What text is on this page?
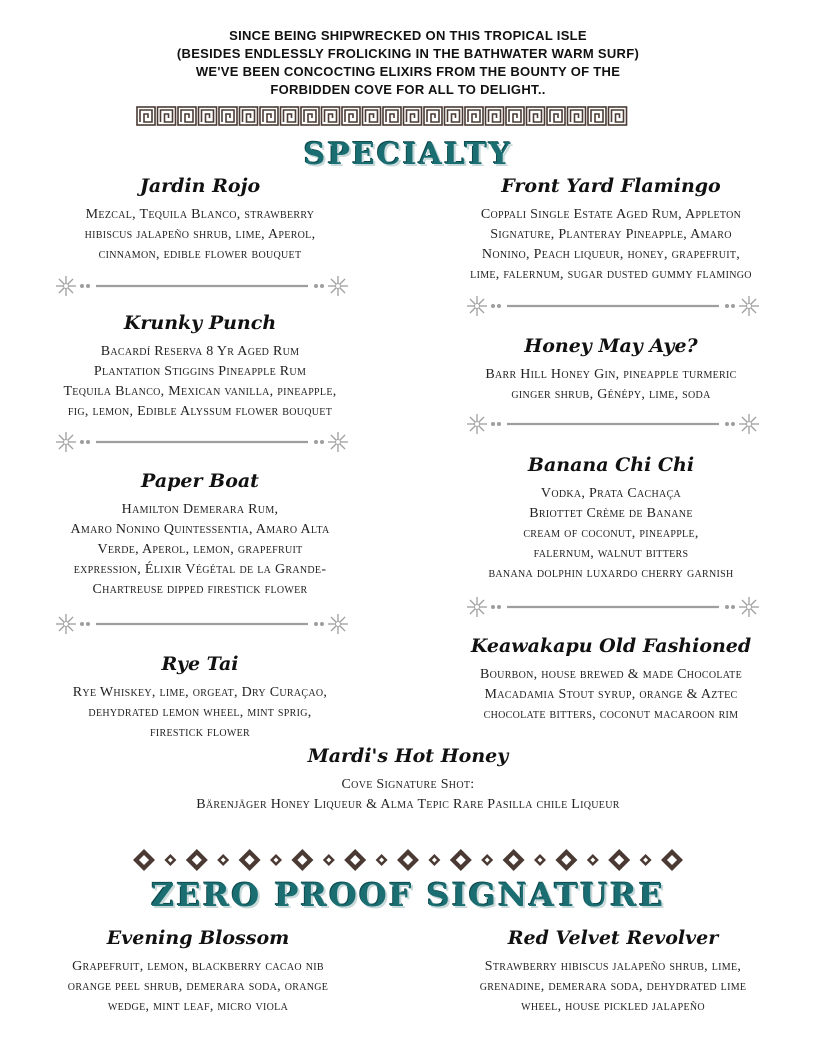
SINCE BEING SHIPWRECKED ON THIS TROPICAL ISLE
(BESIDES ENDLESSLY FROLICKING IN THE BATHWATER WARM SURF)
WE'VE BEEN CONCOCTING ELIXIRS FROM THE BOUNTY OF THE
FORBIDDEN COVE FOR ALL TO DELIGHT..
SPECIALTY
Jardin Rojo
Mezcal, Tequila Blanco, strawberry
hibiscus jalapeño shrub, lime, Aperol,
cinnamon, edible flower bouquet
Krunky Punch
Bacardí Reserva 8 Yr Aged Rum
Plantation Stiggins Pineapple Rum
Tequila Blanco, Mexican vanilla, pineapple,
fig, lemon, Edible Alyssum flower bouquet
Paper Boat
Hamilton Demerara Rum,
Amaro Nonino Quintessentia, Amaro Alta
Verde, Aperol, lemon, grapefruit
expression, Élixir Végétal de la Grande-
Chartreuse dipped firestick flower
Rye Tai
Rye Whiskey, lime, orgeat, Dry Curaçao,
dehydrated lemon wheel, mint sprig,
firestick flower
Front Yard Flamingo
Coppali Single Estate Aged Rum, Appleton
Signature, Planteray Pineapple, Amaro
Nonino, Peach liqueur, honey, grapefruit,
lime, falernum, sugar dusted gummy flamingo
Honey May Aye?
Barr Hill Honey Gin, pineapple turmeric
ginger shrub, Génépy, lime, soda
Banana Chi Chi
Vodka, Prata Cachaça
Briottet Crème de Banane
cream of coconut, pineapple,
falernum, walnut bitters
banana dolphin luxardo cherry garnish
Keawakapu Old Fashioned
Bourbon, house brewed & made Chocolate
Macadamia Stout syrup, orange & Aztec
chocolate bitters, coconut macaroon rim
Mardi's Hot Honey
Cove Signature Shot:
Bärenjäger Honey Liqueur & Alma Tepic Rare Pasilla chile Liqueur
ZERO PROOF SIGNATURE
Evening Blossom
Grapefruit, lemon, blackberry cacao nib
orange peel shrub, demerara soda, orange
wedge, mint leaf, micro viola
Red Velvet Revolver
Strawberry hibiscus jalapeño shrub, lime,
grenadine, demerara soda, dehydrated lime
wheel, house pickled jalapeño
